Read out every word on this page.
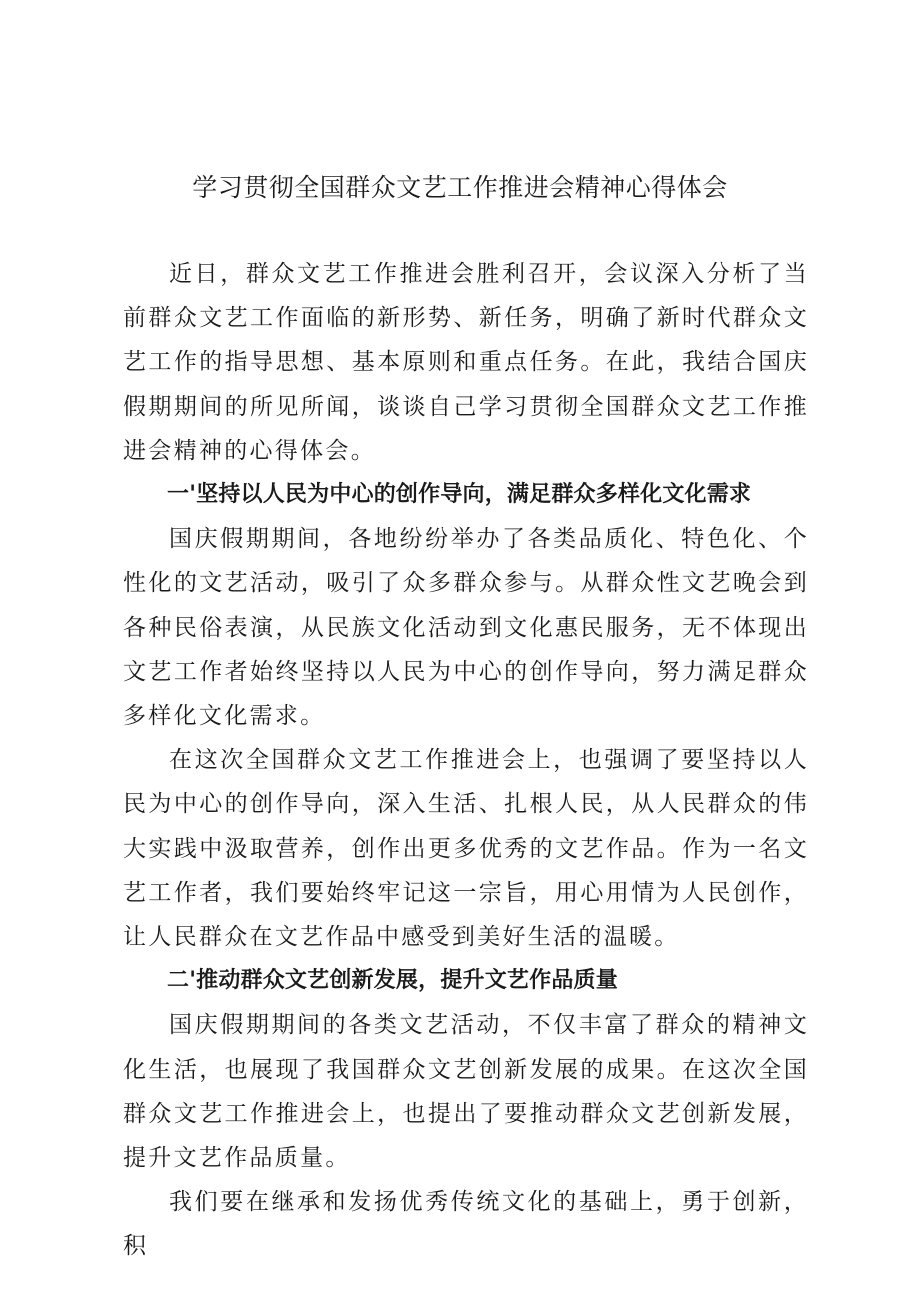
学习贯彻全国群众文艺工作推进会精神心得体会

近日，群众文艺工作推进会胜利召开，会议深入分析了当前群众文艺工作面临的新形势、新任务，明确了新时代群众文艺工作的指导思想、基本原则和重点任务。在此，我结合国庆假期期间的所见所闻，谈谈自己学习贯彻全国群众文艺工作推进会精神的心得体会。

一'坚持以人民为中心的创作导向，满足群众多样化文化需求

国庆假期期间，各地纷纷举办了各类品质化、特色化、个性化的文艺活动，吸引了众多群众参与。从群众性文艺晚会到各种民俗表演，从民族文化活动到文化惠民服务，无不体现出文艺工作者始终坚持以人民为中心的创作导向，努力满足群众多样化文化需求。

在这次全国群众文艺工作推进会上，也强调了要坚持以人民为中心的创作导向，深入生活、扎根人民，从人民群众的伟大实践中汲取营养，创作出更多优秀的文艺作品。作为一名文艺工作者，我们要始终牢记这一宗旨，用心用情为人民创作，让人民群众在文艺作品中感受到美好生活的温暖。

二'推动群众文艺创新发展，提升文艺作品质量

国庆假期期间的各类文艺活动，不仅丰富了群众的精神文化生活，也展现了我国群众文艺创新发展的成果。在这次全国群众文艺工作推进会上，也提出了要推动群众文艺创新发展，提升文艺作品质量。

我们要在继承和发扬优秀传统文化的基础上，勇于创新，积
